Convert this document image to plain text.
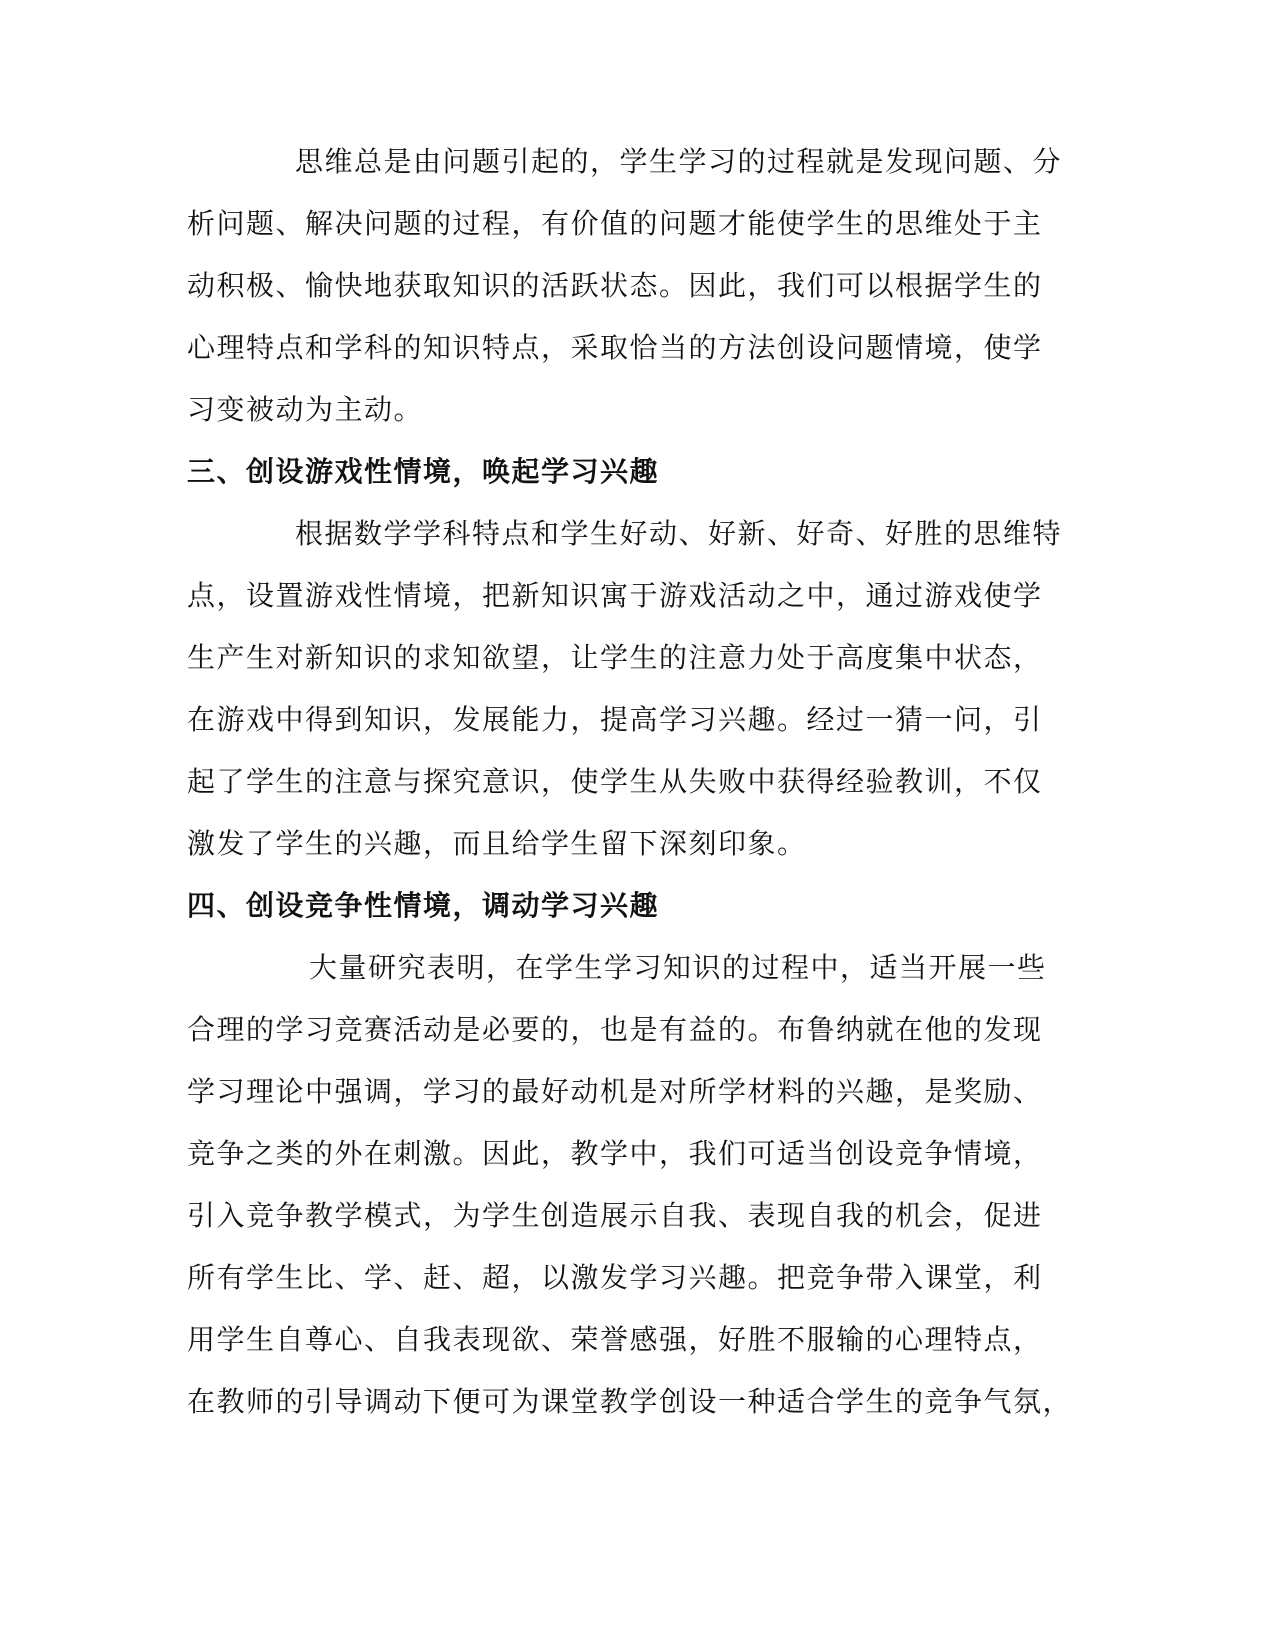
思维总是由问题引起的，学生学习的过程就是发现问题、分
析问题、解决问题的过程，有价值的问题才能使学生的思维处于主
动积极、愉快地获取知识的活跃状态。因此，我们可以根据学生的
心理特点和学科的知识特点，采取恰当的方法创设问题情境，使学
习变被动为主动。
三、创设游戏性情境，唤起学习兴趣
根据数学学科特点和学生好动、好新、好奇、好胜的思维特
点，设置游戏性情境，把新知识寓于游戏活动之中，通过游戏使学
生产生对新知识的求知欲望，让学生的注意力处于高度集中状态，
在游戏中得到知识，发展能力，提高学习兴趣。经过一猜一问，引
起了学生的注意与探究意识，使学生从失败中获得经验教训，不仅
激发了学生的兴趣，而且给学生留下深刻印象。
四、创设竞争性情境，调动学习兴趣
大量研究表明，在学生学习知识的过程中，适当开展一些
合理的学习竞赛活动是必要的，也是有益的。布鲁纳就在他的发现
学习理论中强调，学习的最好动机是对所学材料的兴趣，是奖励、
竞争之类的外在刺激。因此，教学中，我们可适当创设竞争情境，
引入竞争教学模式，为学生创造展示自我、表现自我的机会，促进
所有学生比、学、赶、超，以激发学习兴趣。把竞争带入课堂，利
用学生自尊心、自我表现欲、荣誉感强，好胜不服输的心理特点，
在教师的引导调动下便可为课堂教学创设一种适合学生的竞争气氛，
